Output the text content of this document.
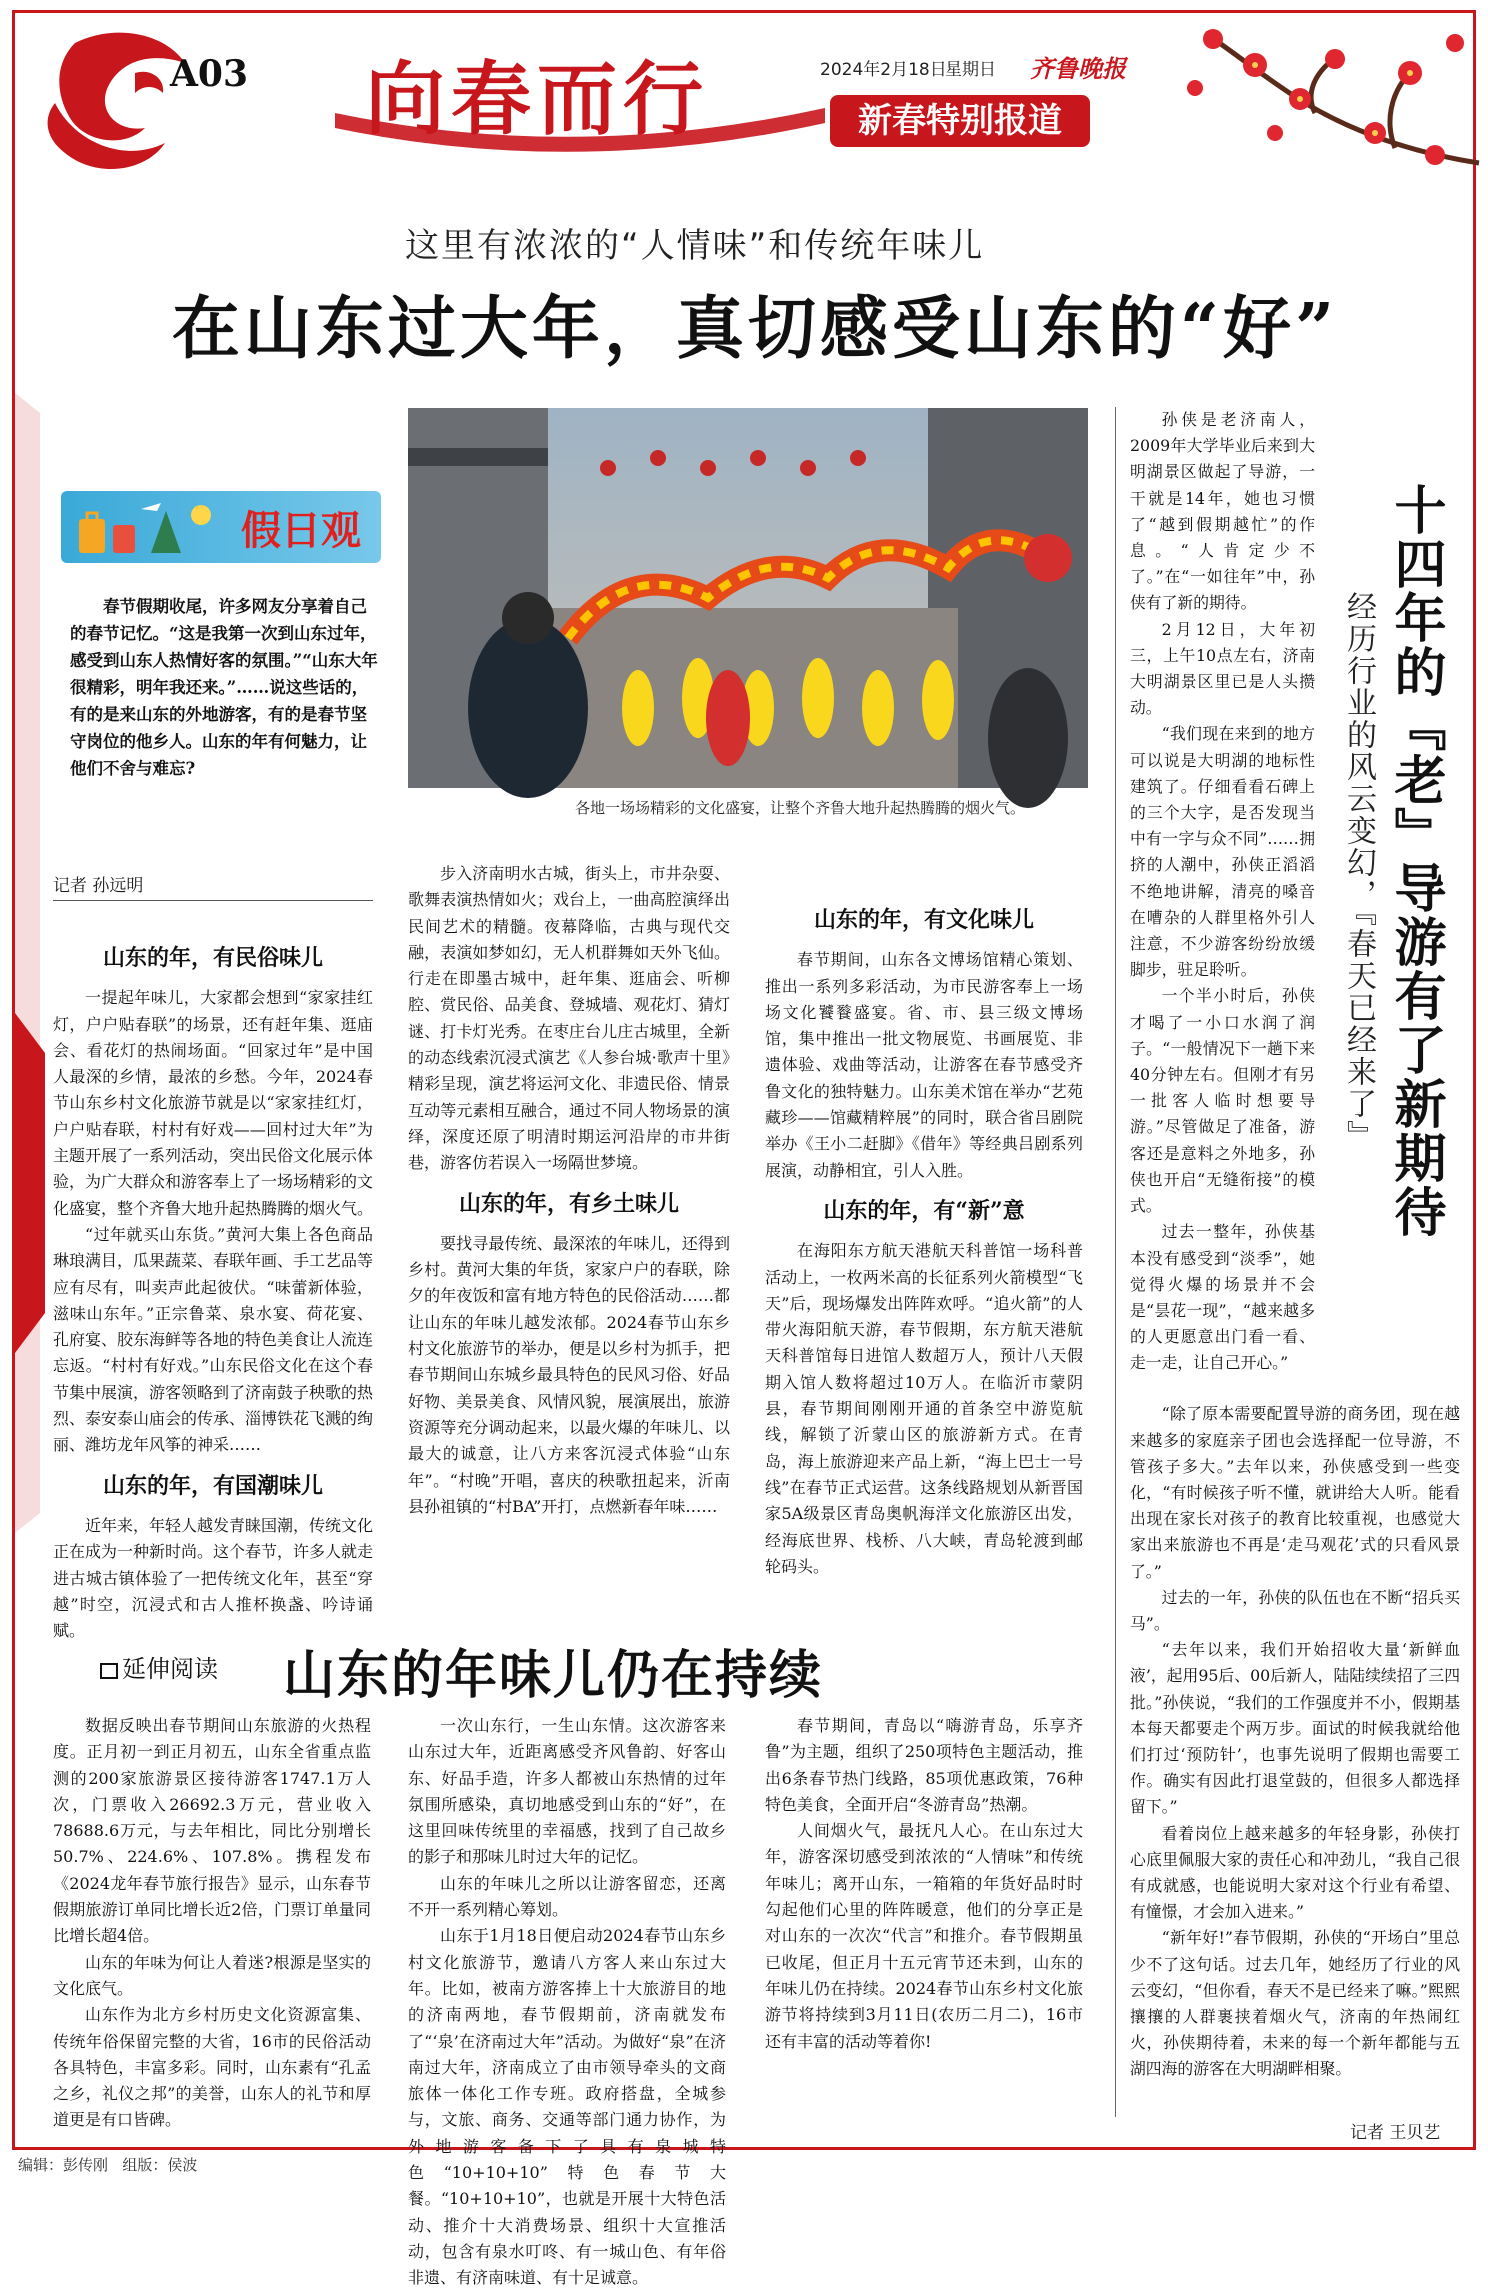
A03 向春而行	2024年2月18日
星期日 齐鲁晚报
新春特别报道
这里有浓浓的“人情味”和传统年味儿
在山东过大年，真切感受山东的“好”
假日观

春节假期收尾，许多网友分享着自己的春节记忆。“这是我第一次到山东过年，感受到山东人热情好客的氛围。”“山东大年很精彩，明年我还来。”……说这些话的，有的是来山东的外地游客，有的是春节坚守岗位的他乡人。山东的年有何魅力，让他们不舍与难忘?

各地一场场精彩的文化盛宴，让整个齐鲁大地升起热腾腾的烟火气。
记者 孙远明
山东的年，有民俗味儿

一提起年味儿，大家都会想到“家家挂红灯，户户贴春联”的场景，还有赶年集、逛庙会、看花灯的热闹场面。“回家过年”是中国人最深的乡情，最浓的乡愁。今年，2024春节山东乡村文化旅游节就是以“家家挂红灯，户户贴春联，村村有好戏——回村过大年”为主题开展了一系列活动，突出民俗文化展示体验，为广大群众和游客奉上了一场场精彩的文化盛宴，整个齐鲁大地升起热腾腾的烟火气。

“过年就买山东货。”黄河大集上各色商品琳琅满目，瓜果蔬菜、春联年画、手工艺品等应有尽有，叫卖声此起彼伏。“味蕾新体验，滋味山东年。”正宗鲁菜、泉水宴、荷花宴、孔府宴、胶东海鲜等各地的特色美食让人流连忘返。“村村有好戏。”山东民俗文化在这个春节集中展演，游客领略到了济南鼓子秧歌的热烈、泰安泰山庙会的传承、淄博铁花飞溅的绚丽、潍坊龙年风筝的神采……

山东的年，有国潮味儿

近年来，年轻人越发青睐国潮，传统文化正在成为一种新时尚。这个春节，许多人就走进古城古镇体验了一把传统文化年，甚至“穿越”时空，沉浸式和古人推杯换盏、吟诗诵赋。

步入济南明水古城，街头上，市井杂耍、歌舞表演热情如火；戏台上，一曲高腔演绎出民间艺术的精髓。夜幕降临，古典与现代交融，表演如梦如幻，无人机群舞如天外飞仙。行走在即墨古城中，赶年集、逛庙会、听柳腔、赏民俗、品美食、登城墙、观花灯、猜灯谜、打卡灯光秀。在枣庄台儿庄古城里，全新的动态线索沉浸式演艺《人参台城·歌声十里》精彩呈现，演艺将运河文化、非遗民俗、情景互动等元素相互融合，通过不同人物场景的演绎，深度还原了明清时期运河沿岸的市井街巷，游客仿若误入一场隔世梦境。

山东的年，有乡土味儿

要找寻最传统、最深浓的年味儿，还得到乡村。黄河大集的年货，家家户户的春联，除夕的年夜饭和富有地方特色的民俗活动……都让山东的年味儿越发浓郁。2024春节山东乡村文化旅游节的举办，便是以乡村为抓手，把春节期间山东城乡最具特色的民风习俗、好品好物、美景美食、风情风貌，展演展出，旅游资源等充分调动起来，以最火爆的年味儿、以最大的诚意，让八方来客沉浸式体验“山东年”。“村晚”开唱，喜庆的秧歌扭起来，沂南县孙祖镇的“村BA”开打，点燃新春年味……

山东的年，有文化味儿

春节期间，山东各文博场馆精心策划、推出一系列多彩活动，为市民游客奉上一场场文化饕餮盛宴。省、市、县三级文博场馆，集中推出一批文物展览、书画展览、非遗体验、戏曲等活动，让游客在春节感受齐鲁文化的独特魅力。山东美术馆在举办“艺苑藏珍——馆藏精粹展”的同时，联合省吕剧院举办《王小二赶脚》《借年》等经典吕剧系列展演，动静相宜，引人入胜。

山东的年，有“新”意

在海阳东方航天港航天科普馆一场科普活动上，一枚两米高的长征系列火箭模型“飞天”后，现场爆发出阵阵欢呼。“追火箭”的人带火海阳航天游，春节假期，东方航天港航天科普馆每日进馆人数超万人，预计八天假期入馆人数将超过10万人。在临沂市蒙阴县，春节期间刚刚开通的首条空中游览航线，解锁了沂蒙山区的旅游新方式。在青岛，海上旅游迎来产品上新，“海上巴士一号线”在春节正式运营。这条线路规划从新晋国家5A级景区青岛奥帆海洋文化旅游区出发，经海底世界、栈桥、八大峡，青岛轮渡到邮轮码头。

延伸阅读 山东的年味儿仍在持续

数据反映出春节期间山东旅游的火热程度。正月初一到正月初五，山东全省重点监测的200家旅游景区接待游客1747.1万人次，门票收入26692.3万元，营业收入78688.6万元，与去年相比，同比分别增长50.7%、224.6%、107.8%。携程发布《2024龙年春节旅行报告》显示，山东春节假期旅游订单同比增长近2倍，门票订单量同比增长超4倍。

山东的年味为何让人着迷?根源是坚实的文化底气。

山东作为北方乡村历史文化资源富集、传统年俗保留完整的大省，16市的民俗活动各具特色，丰富多彩。同时，山东素有“孔孟之乡，礼仪之邦”的美誉，山东人的礼节和厚道更是有口皆碑。

一次山东行，一生山东情。这次游客来山东过大年，近距离感受齐风鲁韵、好客山东、好品手造，许多人都被山东热情的过年氛围所感染，真切地感受到山东的“好”，在这里回味传统里的幸福感，找到了自己故乡的影子和那味儿时过大年的记忆。

山东的年味儿之所以让游客留恋，还离不开一系列精心筹划。

山东于1月18日便启动2024春节山东乡村文化旅游节，邀请八方客人来山东过大年。比如，被南方游客捧上十大旅游目的地的济南两地，春节假期前，济南就发布了“‘泉’在济南过大年”活动。为做好“泉”在济南过大年，济南成立了由市领导牵头的文商旅体一体化工作专班。政府搭盘，全城参与，文旅、商务、交通等部门通力协作，为外地游客备下了具有泉城特色“10+10+10”特色春节大餐。“10+10+10”，也就是开展十大特色活动、推介十大消费场景、组织十大宣推活动，包含有泉水叮咚、有一城山色、有年俗非遗、有济南味道、有十足诚意。

春节期间，青岛以“嗨游青岛，乐享齐鲁”为主题，组织了250项特色主题活动，推出6条春节热门线路，85项优惠政策，76种特色美食，全面开启“冬游青岛”热潮。

人间烟火气，最抚凡人心。在山东过大年，游客深切感受到浓浓的“人情味”和传统年味儿；离开山东，一箱箱的年货好品时时勾起他们心里的阵阵暖意，他们的分享正是对山东的一次次“代言”和推介。春节假期虽已收尾，但正月十五元宵节还未到，山东的年味儿仍在持续。2024春节山东乡村文化旅游节将持续到3月11日(农历二月二)，16市还有丰富的活动等着你!

十四年的『老』导游有了新期待
经历行业的风云变幻，『春天已经来了』

孙侠是老济南人，2009年大学毕业后来到大明湖景区做起了导游，一干就是14年，她也习惯了“越到假期越忙”的作息。“人肯定少不了。”在“一如往年”中，孙侠有了新的期待。

2月12日，大年初三，上午10点左右，济南大明湖景区里已是人头攒动。

“我们现在来到的地方可以说是大明湖的地标性建筑了。仔细看看石碑上的三个大字，是否发现当中有一字与众不同”……拥挤的人潮中，孙侠正滔滔不绝地讲解，清亮的嗓音在嘈杂的人群里格外引人注意，不少游客纷纷放缓脚步，驻足聆听。

一个半小时后，孙侠才喝了一小口水润了润子。“一般情况下一趟下来40分钟左右。但刚才有另一批客人临时想要导游。”尽管做足了准备，游客还是意料之外地多，孙侠也开启“无缝衔接”的模式。

过去一整年，孙侠基本没有感受到“淡季”，她觉得火爆的场景并不会是“昙花一现”，“越来越多的人更愿意出门看一看、走一走，让自己开心。”

“除了原本需要配置导游的商务团，现在越来越多的家庭亲子团也会选择配一位导游，不管孩子多大。”去年以来，孙侠感受到一些变化，“有时候孩子听不懂，就讲给大人听。能看出现在家长对孩子的教育比较重视，也感觉大家出来旅游也不再是‘走马观花’式的只看风景了。”

过去的一年，孙侠的队伍也在不断“招兵买马”。

“去年以来，我们开始招收大量‘新鲜血液’，起用95后、00后新人，陆陆续续招了三四批。”孙侠说，“我们的工作强度并不小，假期基本每天都要走个两万步。面试的时候我就给他们打过‘预防针’，也事先说明了假期也需要工作。确实有因此打退堂鼓的，但很多人都选择留下。”

看着岗位上越来越多的年轻身影，孙侠打心底里佩服大家的责任心和冲劲儿，“我自己很有成就感，也能说明大家对这个行业有希望、有憧憬，才会加入进来。”

“新年好!”春节假期，孙侠的“开场白”里总少不了这句话。过去几年，她经历了行业的风云变幻，“但你看，春天不是已经来了嘛。”熙熙攘攘的人群裹挟着烟火气，济南的年热闹红火，孙侠期待着，未来的每一个新年都能与五湖四海的游客在大明湖畔相聚。

记者 王贝艺
编辑：彭传刚 组版：侯波
